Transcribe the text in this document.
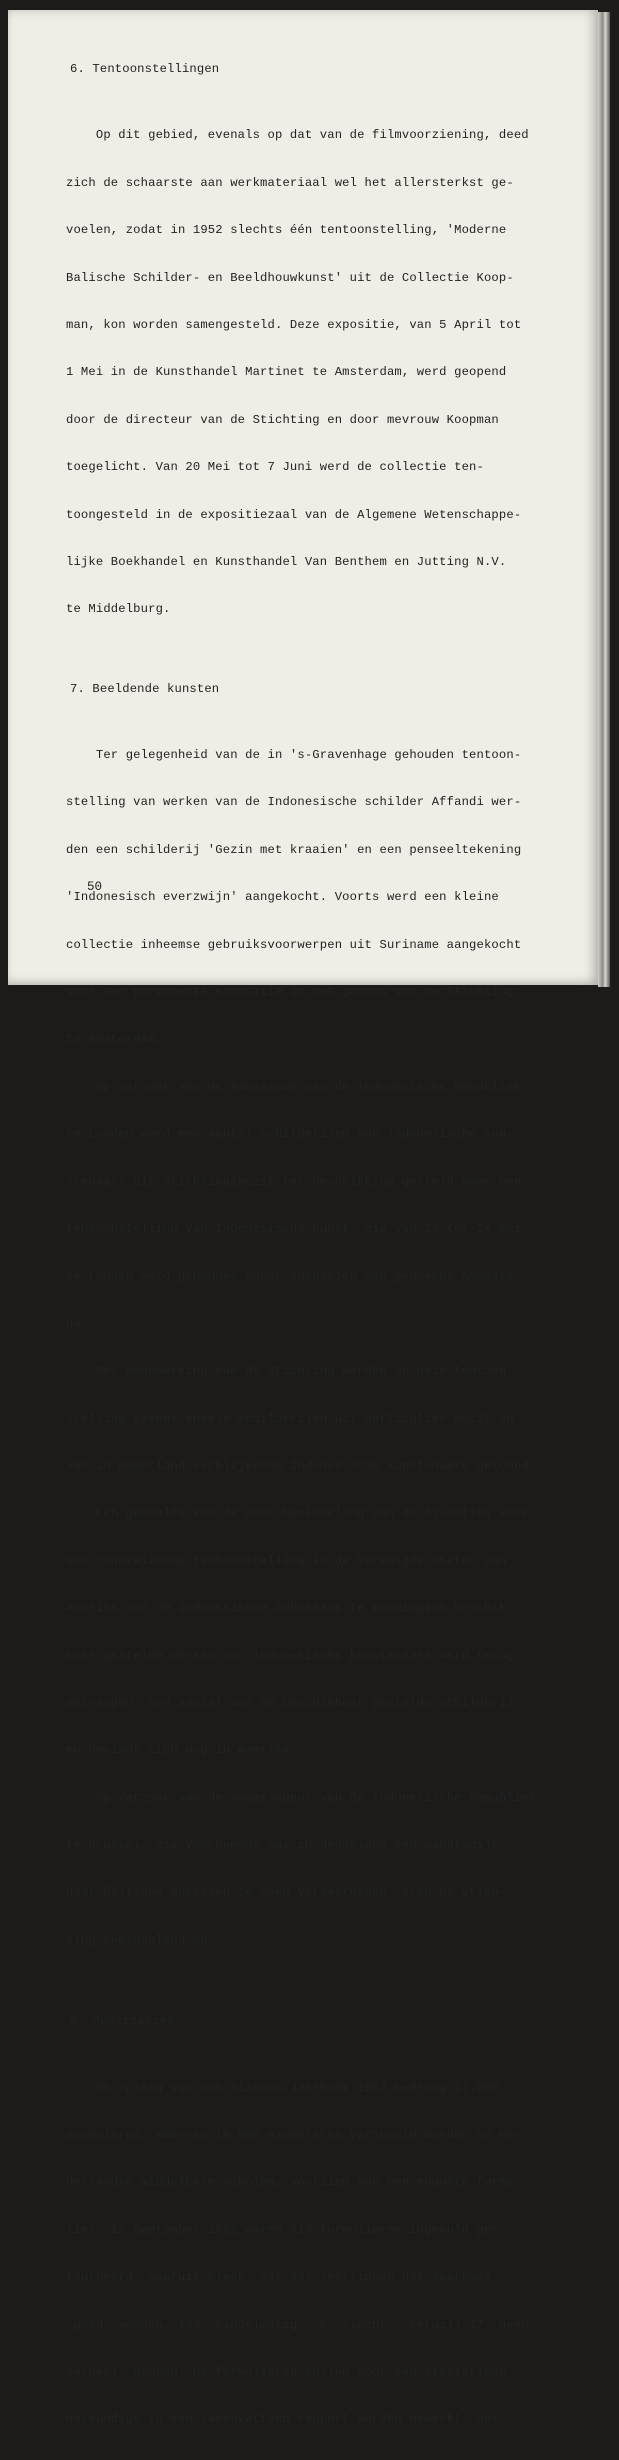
6. Tentoonstellingen

Op dit gebied, evenals op dat van de filmvoorziening, deed

zich de schaarste aan werkmateriaal wel het allersterkst ge-

voelen, zodat in 1952 slechts één tentoonstelling, 'Moderne

Balische Schilder- en Beeldhouwkunst' uit de Collectie Koop-

man, kon worden samengesteld. Deze expositie, van 5 April tot

1 Mei in de Kunsthandel Martinet te Amsterdam, werd geopend

door de directeur van de Stichting en door mevrouw Koopman

toegelicht. Van 20 Mei tot 7 Juni werd de collectie ten-

toongesteld in de expositiezaal van de Algemene Wetenschappe-

lijke Boekhandel en Kunsthandel Van Benthem en Jutting N.V.

te Middelburg.

7. Beeldende kunsten

Ter gelegenheid van de in 's-Gravenhage gehouden tentoon-

stelling van werken van de Indonesische schilder Affandi wer-

den een schilderij 'Gezin met kraaien' en een penseeltekening

'Indonesisch everzwijn' aangekocht. Voorts werd een kleine

collectie inheemse gebruiksvoorwerpen uit Suriname aangekocht

voor een permanente expositie in het gebouw van de Stichting

te Amsterdam.

Op verzoek van de Ambassade van de Indonesische Republiek

te Londen werd een aantal schilderijen van Indonesische kun-

stenaars uit Stichtingsbezit ter beschikking gesteld voor een

tentoonstelling van Indonesische Kunst, die van 13 tot 24 Mei

te Londen werd gehouden onder auspiciën van genoemde Ambassa-

de.

Met medewerking van de Stichting werden op deze tentoon-

stelling tevens enkele schilderijen uit particulier bezit en

van in Nederland verblijvende Indonesische kunstenaars getoond.

Een gedeelte van de door bemiddeling van de Stichting voor

een rondreizende tentoonstelling in de Verenigde Staten van

Amerika aan de Indonesische Ambassade te Washington beschik-

baar gestelde werken van Indonesische kunstenaars werd terug-

ontvangen. Een aantal van de beschikbaar gestelde schilderij-

en bevindt zich nog in Amerika.

Op verzoek van de Ambassadeur van de Indonesische Republiek

te Brussel, die voornemens was in Nederland een wandtapijt

naar Balische motieven te doen vervaardigen, trad de Stich-

ting bemiddelend op.

8. Publicaties

De oplaag van het Sticusa-Jaarboek 1952 bedroeg 17.000

exemplaren, waarvan 10.000 exemplaren verspreid werden op Ne-

derlandse middelbare scholen, voorzien van een enquête-formu-

lier. In September 1952 waren 619 formulieren ingevuld gere-

tourneerd, waaruit bleek, dat 447 leerlingen het Jaarboek

'goed' vonden, 149 'middelmatig', 6 'slecht', terwijl 17 'geen

oordeel' hadden. De formulieren zullen door een statistisch

deskundige in een samenvattend rapport worden bewerkt. Het

50
